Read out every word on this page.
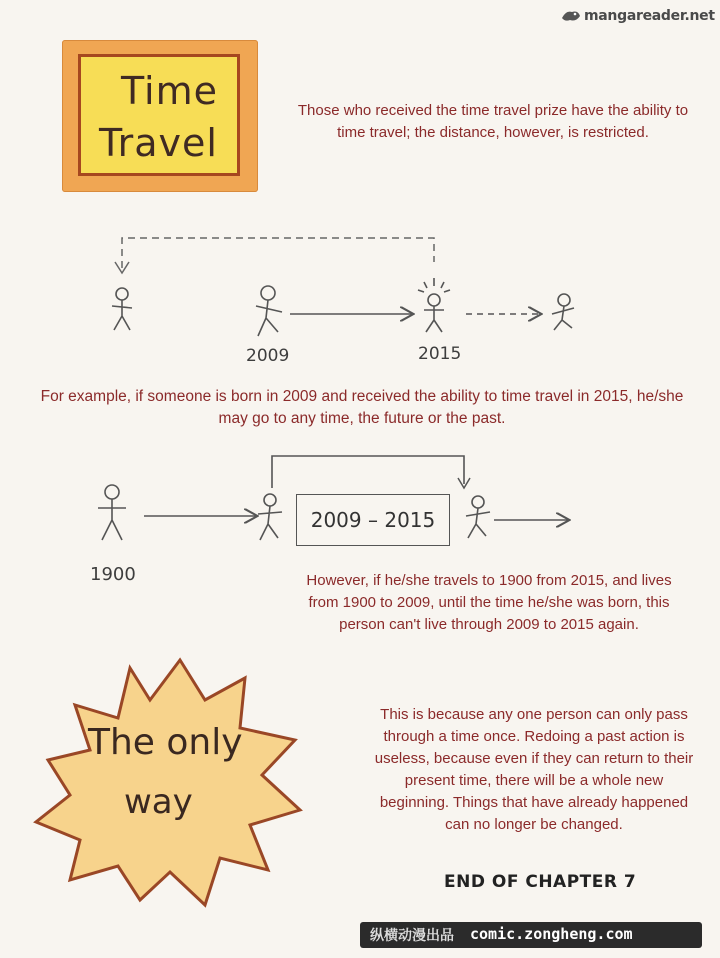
mangareader.net
Time
Travel
Those who received the time travel prize have the ability to time travel; the distance, however, is restricted.
For example, if someone is born in 2009 and received the ability to time travel in 2015, he/she may go to any time, the future or the past.
However, if he/she travels to 1900 from 2015, and lives from 1900 to 2009, until the time he/she was born, this person can't live through 2009 to 2015 again.
This is because any one person can only pass through a time once. Redoing a past action is useless, because even if they can return to their present time, there will be a whole new beginning. Things that have already happened can no longer be changed.
2009	2015
1900
2009 – 2015
The only
way
END OF CHAPTER 7
纵横动漫出品 comic.zongheng.com
